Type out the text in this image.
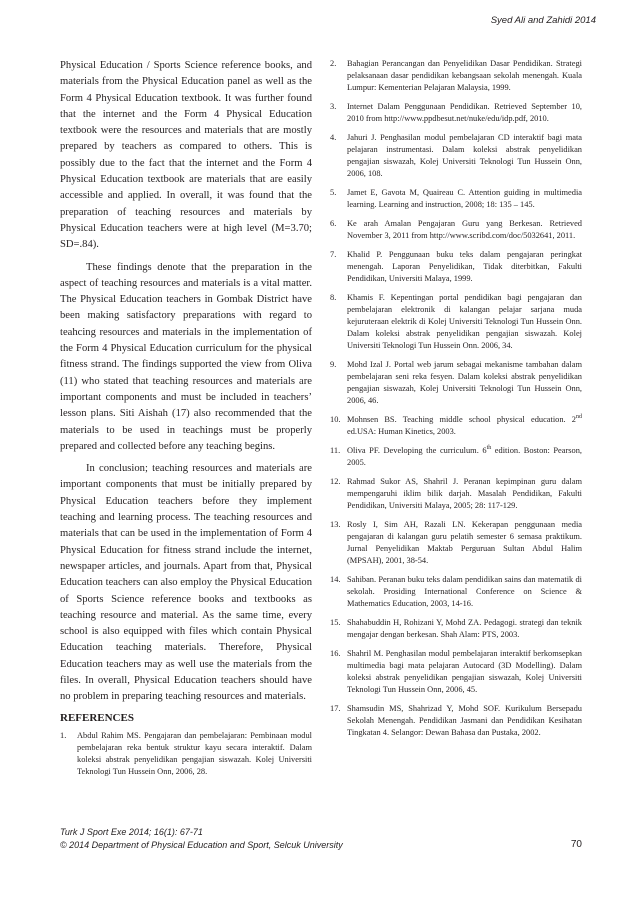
Syed Ali and Zahidi 2014

Physical Education / Sports Science reference books, and materials from the Physical Education panel as well as the Form 4 Physical Education textbook. It was further found that the internet and the Form 4 Physical Education textbook were the resources and materials that are mostly prepared by teachers as compared to others. This is possibly due to the fact that the internet and the Form 4 Physical Education textbook are materials that are easily accessible and applied. In overall, it was found that the preparation of teaching resources and materials by Physical Education teachers were at high level (M=3.70; SD=.84).

These findings denote that the preparation in the aspect of teaching resources and materials is a vital matter. The Physical Education teachers in Gombak District have been making satisfactory preparations with regard to teahcing resources and materials in the implementation of the Form 4 Physical Education curriculum for the physical fitness strand. The findings supported the view from Oliva (11) who stated that teaching resources and materials are important components and must be included in teachers’ lesson plans. Siti Aishah (17) also recommended that the materials to be used in teachings must be properly prepared and collected before any teaching begins.

In conclusion; teaching resources and materials are important components that must be initially prepared by Physical Education teachers before they implement teaching and learning process. The teaching resources and materials that can be used in the implementation of Form 4 Physical Education for fitness strand include the internet, newspaper articles, and journals. Apart from that, Physical Education teachers can also employ the Physical Education of Sports Science reference books and textbooks as teaching resource and material. As the same time, every school is also equipped with files which contain Physical Education teaching materials. Therefore, Physical Education teachers may as well use the materials from the files. In overall, Physical Education teachers should have no problem in preparing teaching resources and materials.

REFERENCES
1.	Abdul Rahim MS. Pengajaran dan pembelajaran: Pembinaan modul pembelajaran reka bentuk struktur kayu secara interaktif. Dalam koleksi abstrak penyelidikan pengajian siswazah. Kolej Universiti Teknologi Tun Hussein Onn, 2006, 28.
2.	Bahagian Perancangan dan Penyelidikan Dasar Pendidikan. Strategi pelaksanaan dasar pendidikan kebangsaan sekolah menengah. Kuala Lumpur: Kementerian Pelajaran Malaysia, 1999.
3.	Internet Dalam Penggunaan Pendidikan. Retrieved September 10, 2010 from http://www.ppdbesut.net/nuke/edu/idp.pdf, 2010.
4.	Jahuri J. Penghasilan modul pembelajaran CD interaktif bagi mata pelajaran instrumentasi. Dalam koleksi abstrak penyelidikan pengajian siswazah, Kolej Universiti Teknologi Tun Hussein Onn, 2006, 108.
5.	Jamet E, Gavota M, Quaireau C. Attention guiding in multimedia learning. Learning and instruction, 2008; 18: 135 – 145.
6.	Ke arah Amalan Pengajaran Guru yang Berkesan. Retrieved November 3, 2011 from http://www.scribd.com/doc/5032641, 2011.
7.	Khalid P. Penggunaan buku teks dalam pengajaran peringkat menengah. Laporan Penyelidikan, Tidak diterbitkan, Fakulti Pendidikan, Universiti Malaya, 1999.
8.	Khamis F. Kepentingan portal pendidikan bagi pengajaran dan pembelajaran elektronik di kalangan pelajar sarjana muda kejuruteraan elektrik di Kolej Universiti Teknologi Tun Hussein Onn. Dalam koleksi abstrak penyelidikan pengajian siswazah. Kolej Universiti Teknologi Tun Hussein Onn. 2006, 34.
9.	Mohd Izal J. Portal web jarum sebagai mekanisme tambahan dalam pembelajaran seni reka fesyen. Dalam koleksi abstrak penyelidikan pengajian siswazah, Kolej Universiti Teknologi Tun Hussein Onn, 2006, 46.
10. Mohnsen BS. Teaching middle school physical education. 2nd ed.USA: Human Kinetics, 2003.
11. Oliva PF. Developing the curriculum. 6th edition. Boston: Pearson, 2005.
12. Rahmad Sukor AS, Shahril J. Peranan kepimpinan guru dalam mempengaruhi iklim bilik darjah. Masalah Pendidikan, Fakulti Pendidikan, Universiti Malaya, 2005; 28: 117-129.
13. Rosly I, Sim AH, Razali LN. Kekerapan penggunaan media pengajaran di kalangan guru pelatih semester 6 semasa praktikum. Jurnal Penyelidikan Maktab Perguruan Sultan Abdul Halim (MPSAH), 2001, 38-54.
14. Sahiban. Peranan buku teks dalam pendidikan sains dan matematik di sekolah. Prosiding International Conference on Science & Mathematics Education, 2003, 14-16.
15. Shahabuddin H, Rohizani Y, Mohd ZA. Pedagogi. strategi dan teknik mengajar dengan berkesan. Shah Alam: PTS, 2003.
16. Shahril M. Penghasilan modul pembelajaran interaktif berkomsepkan multimedia bagi mata pelajaran Autocard (3D Modelling). Dalam koleksi abstrak penyelidikan pengajian siswazah, Kolej Universiti Teknologi Tun Hussein Onn, 2006, 45.
17. Shamsudin MS, Shahrizad Y, Mohd SOF. Kurikulum Bersepadu Sekolah Menengah. Pendidikan Jasmani dan Pendidikan Kesihatan Tingkatan 4. Selangor: Dewan Bahasa dan Pustaka, 2002.
Turk J Sport Exe 2014; 16(1): 67-71
© 2014 Department of Physical Education and Sport, Selcuk University	70
